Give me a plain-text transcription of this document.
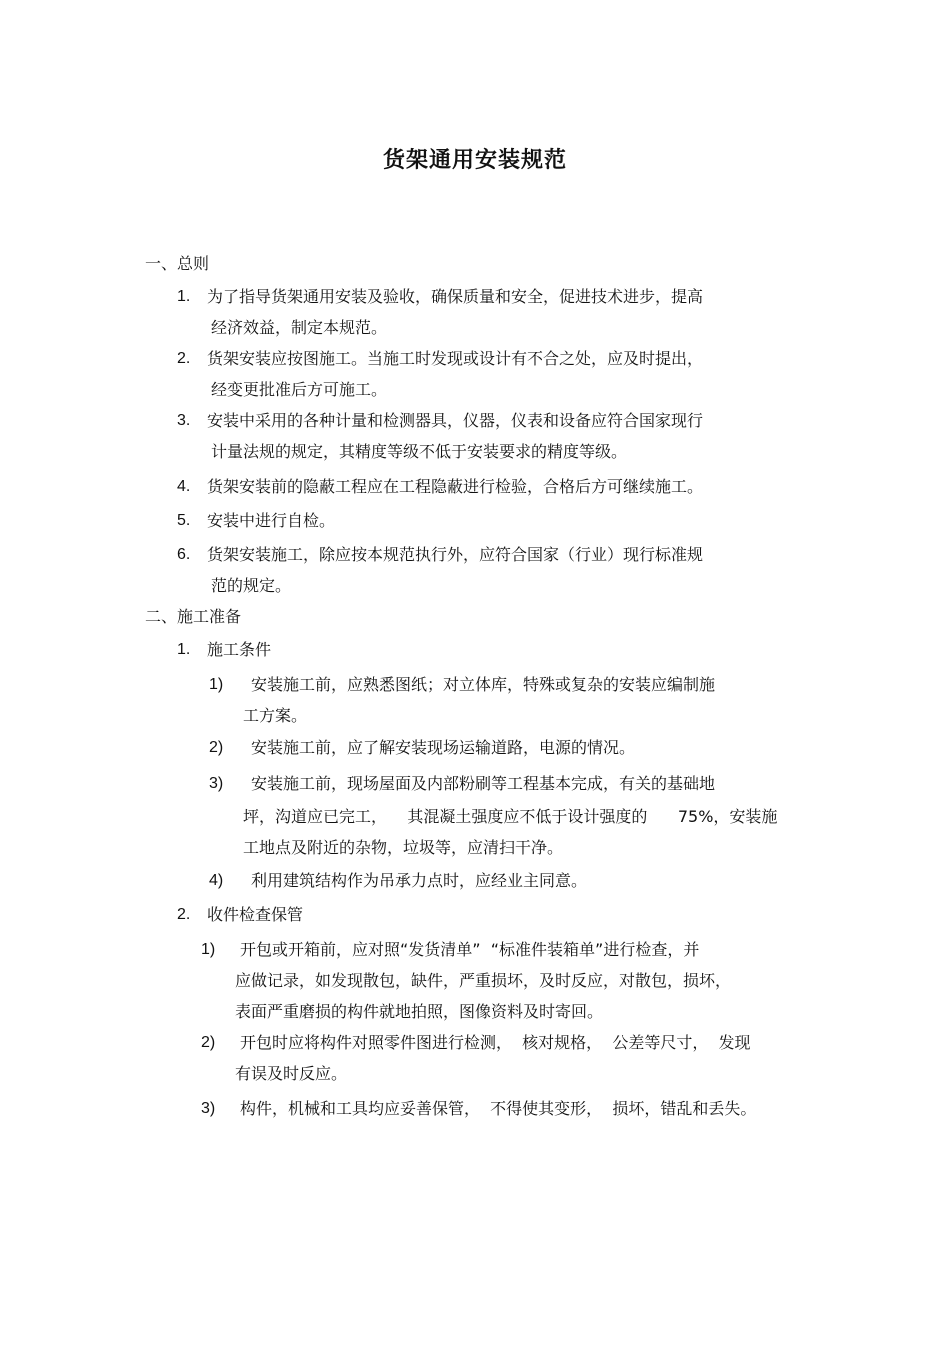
货架通用安装规范
一、总则
1. 为了指导货架通用安装及验收，确保质量和安全，促进技术进步，提高
经济效益，制定本规范。
2. 货架安装应按图施工。当施工时发现或设计有不合之处，应及时提出，
经变更批准后方可施工。
3. 安装中采用的各种计量和检测器具，仪器，仪表和设备应符合国家现行
计量法规的规定，其精度等级不低于安装要求的精度等级。
4. 货架安装前的隐蔽工程应在工程隐蔽进行检验，合格后方可继续施工。
5. 安装中进行自检。
6. 货架安装施工，除应按本规范执行外，应符合国家（行业）现行标准规
范的规定。
二、施工准备
1. 施工条件
1) 安装施工前，应熟悉图纸；对立体库，特殊或复杂的安装应编制施
工方案。
2) 安装施工前，应了解安装现场运输道路，电源的情况。
3) 安装施工前，现场屋面及内部粉刷等工程基本完成，有关的基础地
坪，沟道应已完工，    其混凝土强度应不低于设计强度的      75%，安装施
工地点及附近的杂物，垃圾等，应清扫干净。
4) 利用建筑结构作为吊承力点时，应经业主同意。
2. 收件检查保管
1) 开包或开箱前，应对照“发货清单”  “标准件装箱单”进行检查，并
应做记录，如发现散包，缺件，严重损坏，及时反应，对散包，损坏，
表面严重磨损的构件就地拍照，图像资料及时寄回。
2) 开包时应将构件对照零件图进行检测，  核对规格，  公差等尺寸，  发现
有误及时反应。
3) 构件，机械和工具均应妥善保管，  不得使其变形，  损坏，错乱和丢失。
